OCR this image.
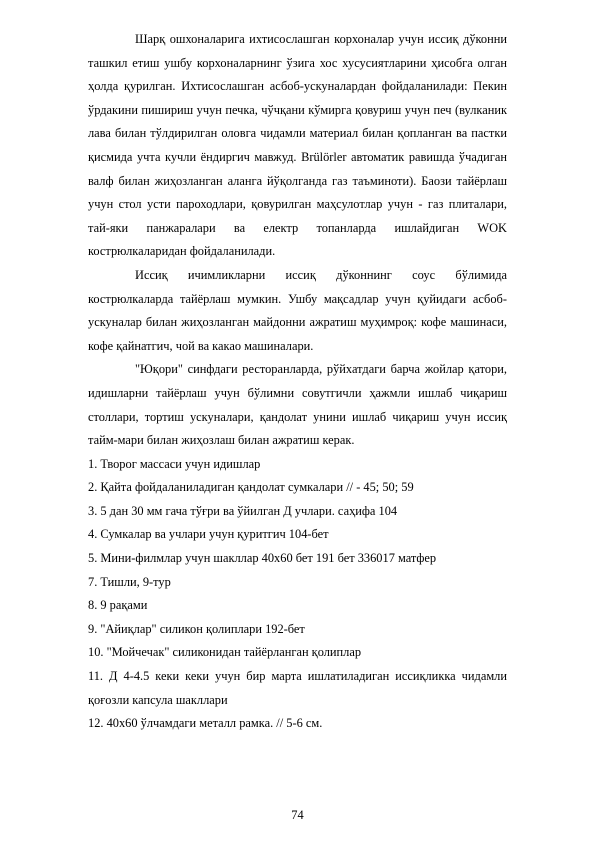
Шарқ ошхоналарига ихтисослашган корхоналар учун иссиқ дўконни ташкил етиш ушбу корхоналарнинг ўзига хос хусусиятларини ҳисобга олган ҳолда қурилган. Ихтисослашган асбоб-ускуналардан фойдаланилади: Пекин ўрдакини пишириш учун печка, чўчқани кўмирга қовуриш учун печ (вулканик лава билан тўлдирилган оловга чидамли материал билан қопланган ва пастки қисмида учта кучли ёндиргич мавжуд. Brülörler автоматик равишда ўчадиган валф билан жиҳозланган аланга йўқолганда газ таъминоти). Баози тайёрлаш учун стол усти пароходлари, қовурилган маҳсулотлар учун - газ плиталари, тай-яки панжаралари ва електр топанларда ишлайдиган WOK кострюлкаларидан фойдаланилади.

Иссиқ ичимликларни иссиқ дўконнинг соус бўлимида кострюлкаларда тайёрлаш мумкин. Ушбу мақсадлар учун қуйидаги асбоб-ускуналар билан жиҳозланган майдонни ажратиш муҳимроқ: кофе машинаси, кофе қайнатгич, чой ва какао машиналари.

"Юқори" синфдаги ресторанларда, рўйхатдаги барча жойлар қатори, идишларни тайёрлаш учун бўлимни совутгичли ҳажмли ишлаб чиқариш столлари, тортиш ускуналари, қандолат унини ишлаб чиқариш учун иссиқ тайм-мари билан жиҳозлаш билан ажратиш керак.

1. Творог массаси учун идишлар
2. Қайта фойдаланиладиган қандолат сумкалари // - 45; 50; 59
3. 5 дан 30 мм гача тўғри ва ўйилган Д учлари. саҳифа 104
4. Сумкалар ва учлари учун қуритгич 104-бет
5. Мини-филмлар учун шакллар 40х60 бет 191 бет 336017 матфер
7. Тишли, 9-тур
8. 9 рақами
9. "Айиқлар" силикон қолиплари 192-бет
10. "Мойчечак" силиконидан тайёрланган қолиплар
11. Д 4-4.5 кеки кеки учун бир марта ишлатиладиган иссиқликка чидамли қоғозли капсула шакллари
12. 40х60 ўлчамдаги металл рамка. // 5-6 см.
74
